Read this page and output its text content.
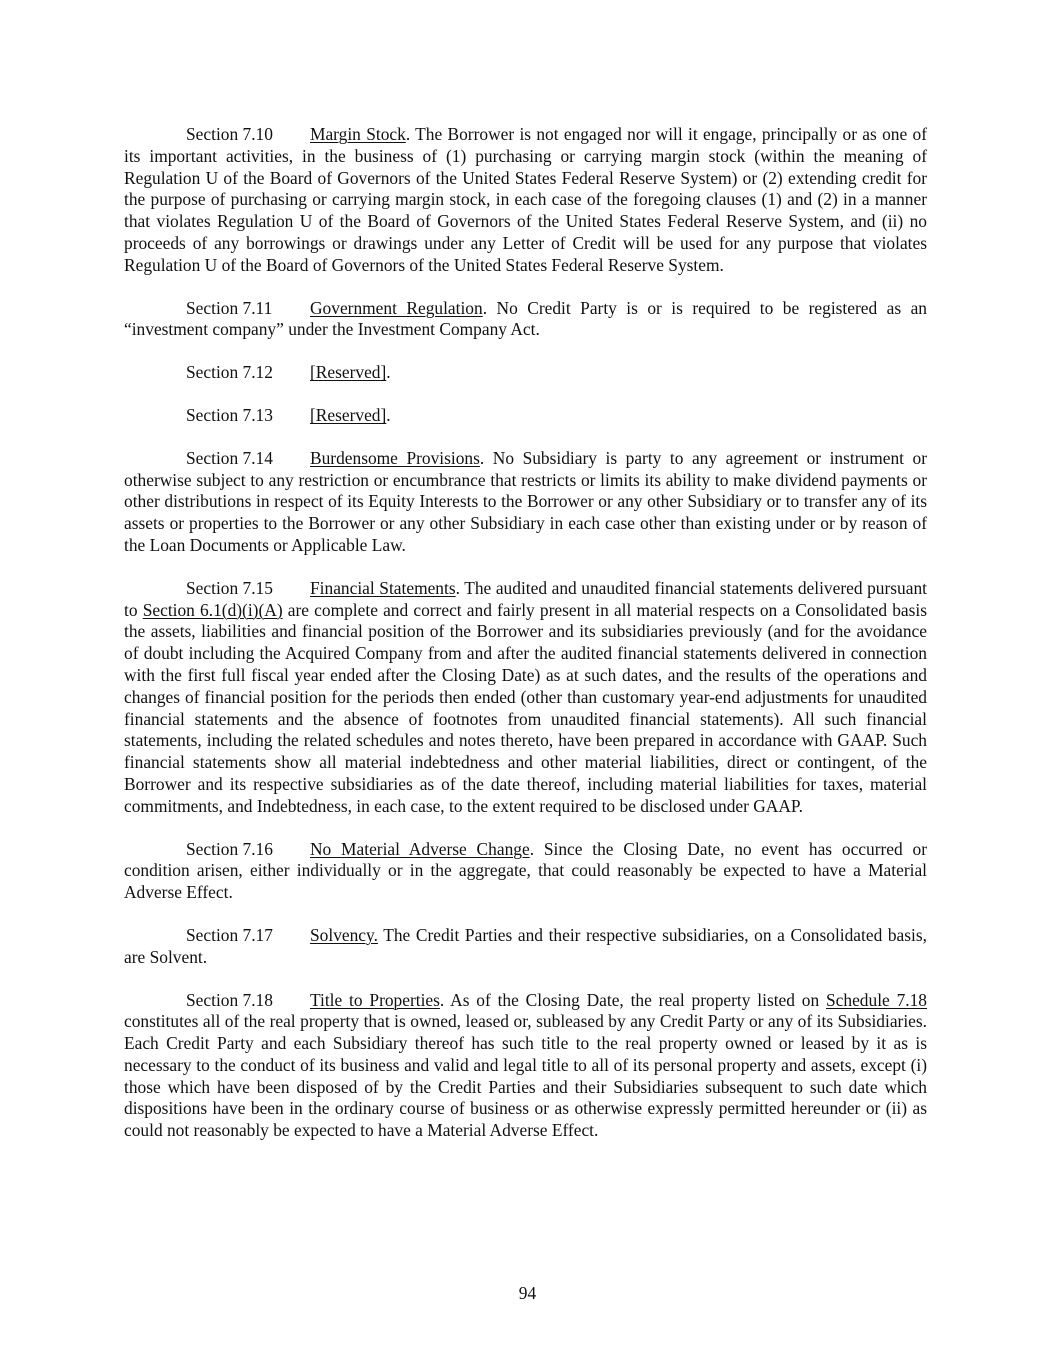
Section 7.10 Margin Stock. The Borrower is not engaged nor will it engage, principally or as one of its important activities, in the business of (1) purchasing or carrying margin stock (within the meaning of Regulation U of the Board of Governors of the United States Federal Reserve System) or (2) extending credit for the purpose of purchasing or carrying margin stock, in each case of the foregoing clauses (1) and (2) in a manner that violates Regulation U of the Board of Governors of the United States Federal Reserve System, and (ii) no proceeds of any borrowings or drawings under any Letter of Credit will be used for any purpose that violates Regulation U of the Board of Governors of the United States Federal Reserve System.

Section 7.11 Government Regulation. No Credit Party is or is required to be registered as an “investment company” under the Investment Company Act.

Section 7.12 [Reserved].

Section 7.13 [Reserved].

Section 7.14 Burdensome Provisions. No Subsidiary is party to any agreement or instrument or otherwise subject to any restriction or encumbrance that restricts or limits its ability to make dividend payments or other distributions in respect of its Equity Interests to the Borrower or any other Subsidiary or to transfer any of its assets or properties to the Borrower or any other Subsidiary in each case other than existing under or by reason of the Loan Documents or Applicable Law.

Section 7.15 Financial Statements. The audited and unaudited financial statements delivered pursuant to Section 6.1(d)(i)(A) are complete and correct and fairly present in all material respects on a Consolidated basis the assets, liabilities and financial position of the Borrower and its subsidiaries previously (and for the avoidance of doubt including the Acquired Company from and after the audited financial statements delivered in connection with the first full fiscal year ended after the Closing Date) as at such dates, and the results of the operations and changes of financial position for the periods then ended (other than customary year-end adjustments for unaudited financial statements and the absence of footnotes from unaudited financial statements). All such financial statements, including the related schedules and notes thereto, have been prepared in accordance with GAAP. Such financial statements show all material indebtedness and other material liabilities, direct or contingent, of the Borrower and its respective subsidiaries as of the date thereof, including material liabilities for taxes, material commitments, and Indebtedness, in each case, to the extent required to be disclosed under GAAP.

Section 7.16 No Material Adverse Change. Since the Closing Date, no event has occurred or condition arisen, either individually or in the aggregate, that could reasonably be expected to have a Material Adverse Effect.

Section 7.17 Solvency. The Credit Parties and their respective subsidiaries, on a Consolidated basis, are Solvent.

Section 7.18 Title to Properties. As of the Closing Date, the real property listed on Schedule 7.18 constitutes all of the real property that is owned, leased or, subleased by any Credit Party or any of its Subsidiaries. Each Credit Party and each Subsidiary thereof has such title to the real property owned or leased by it as is necessary to the conduct of its business and valid and legal title to all of its personal property and assets, except (i) those which have been disposed of by the Credit Parties and their Subsidiaries subsequent to such date which dispositions have been in the ordinary course of business or as otherwise expressly permitted hereunder or (ii) as could not reasonably be expected to have a Material Adverse Effect.

94
